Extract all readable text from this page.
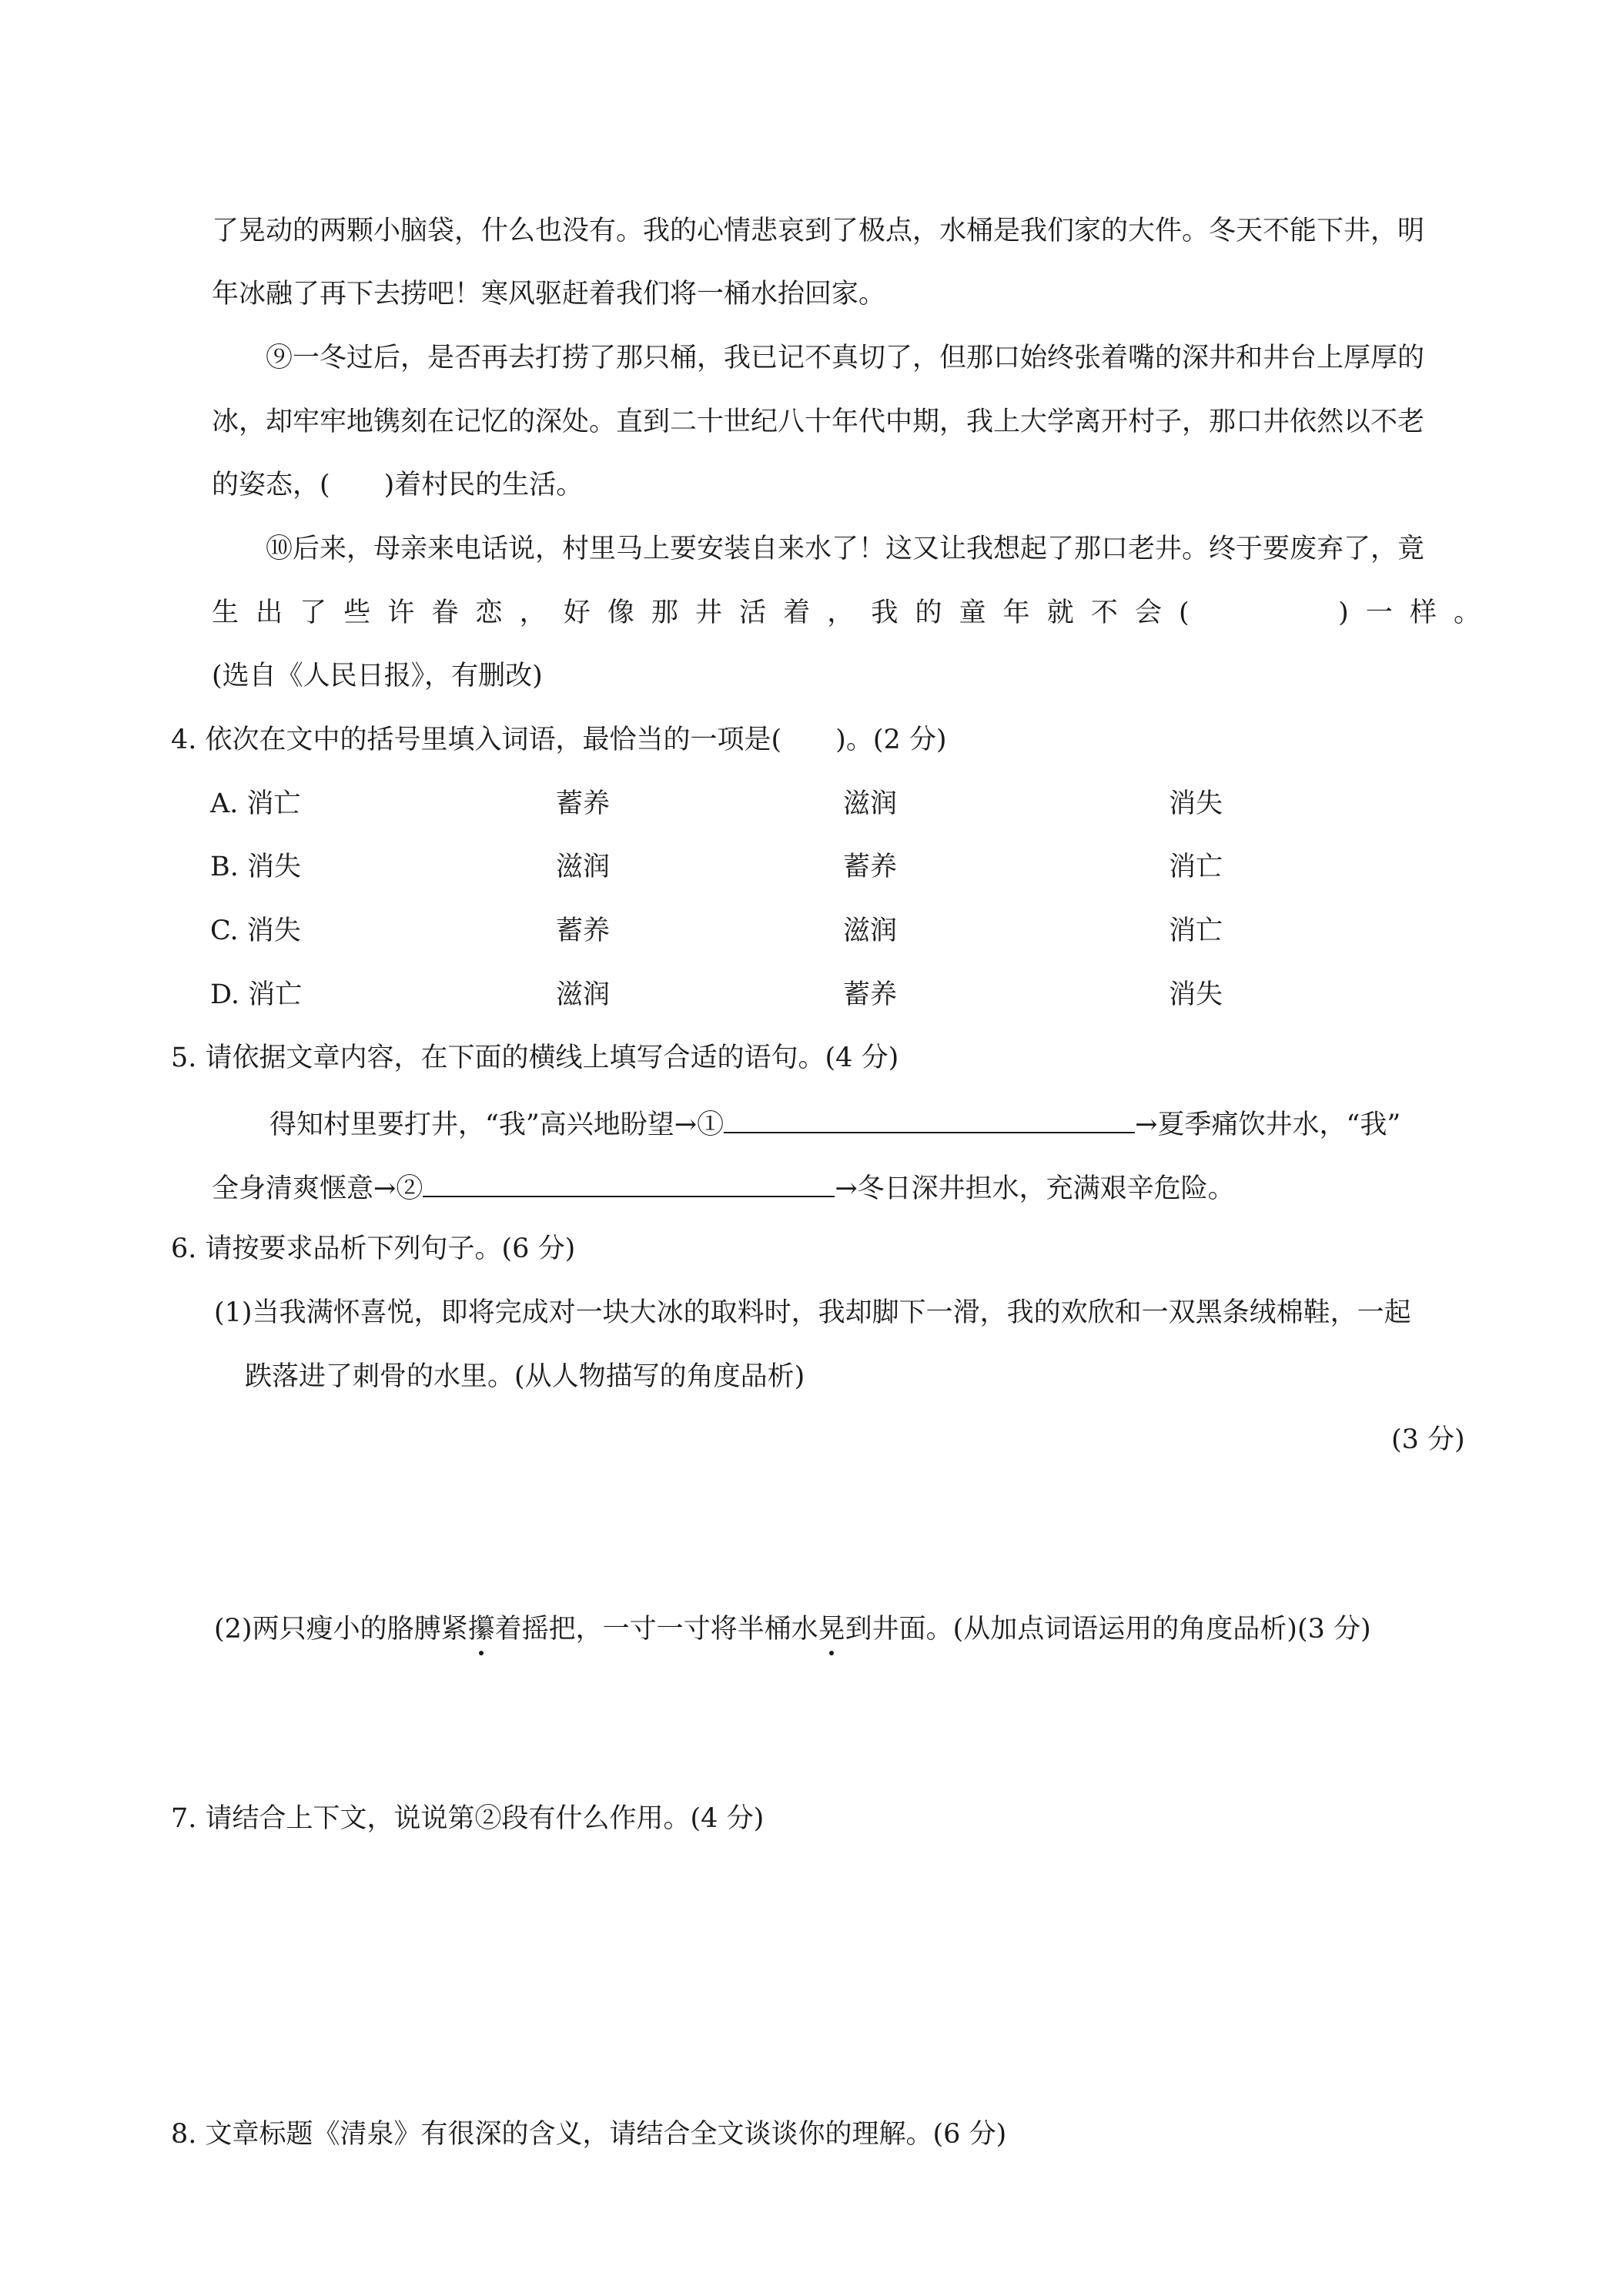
了晃动的两颗小脑袋，什么也没有。我的心情悲哀到了极点，水桶是我们家的大件。冬天不能下井，明
年冰融了再下去捞吧！寒风驱赶着我们将一桶水抬回家。
⑨一冬过后，是否再去打捞了那只桶，我已记不真切了，但那口始终张着嘴的深井和井台上厚厚的
冰，却牢牢地镌刻在记忆的深处。直到二十世纪八十年代中期，我上大学离开村子，那口井依然以不老
的姿态，(　　)着村民的生活。
⑩后来，母亲来电话说，村里马上要安装自来水了！这又让我想起了那口老井。终于要废弃了，竟
生出了些许眷恋，好像那井活着，我的童年就不会(　　　)一样。
(选自《人民日报》，有删改)
4. 依次在文中的括号里填入词语，最恰当的一项是(　　)。(2 分)
A. 消亡	蓄养	滋润	消失
B. 消失	滋润	蓄养	消亡
C. 消失	蓄养	滋润	消亡
D. 消亡	滋润	蓄养	消失
5. 请依据文章内容，在下面的横线上填写合适的语句。(4 分)
得知村里要打井，“我”高兴地盼望→①	→夏季痛饮井水，“我”
全身清爽惬意→②	→冬日深井担水，充满艰辛危险。
6. 请按要求品析下列句子。(6 分)
(1)当我满怀喜悦，即将完成对一块大冰的取料时，我却脚下一滑，我的欢欣和一双黑条绒棉鞋，一起
跌落进了刺骨的水里。(从人物描写的角度品析)
(3 分)
(2)两只瘦小的胳膊紧攥着摇把，一寸一寸将半桶水晃到井面。(从加点词语运用的角度品析)(3 分)
7. 请结合上下文，说说第②段有什么作用。(4 分)
8. 文章标题《清泉》有很深的含义，请结合全文谈谈你的理解。(6 分)
